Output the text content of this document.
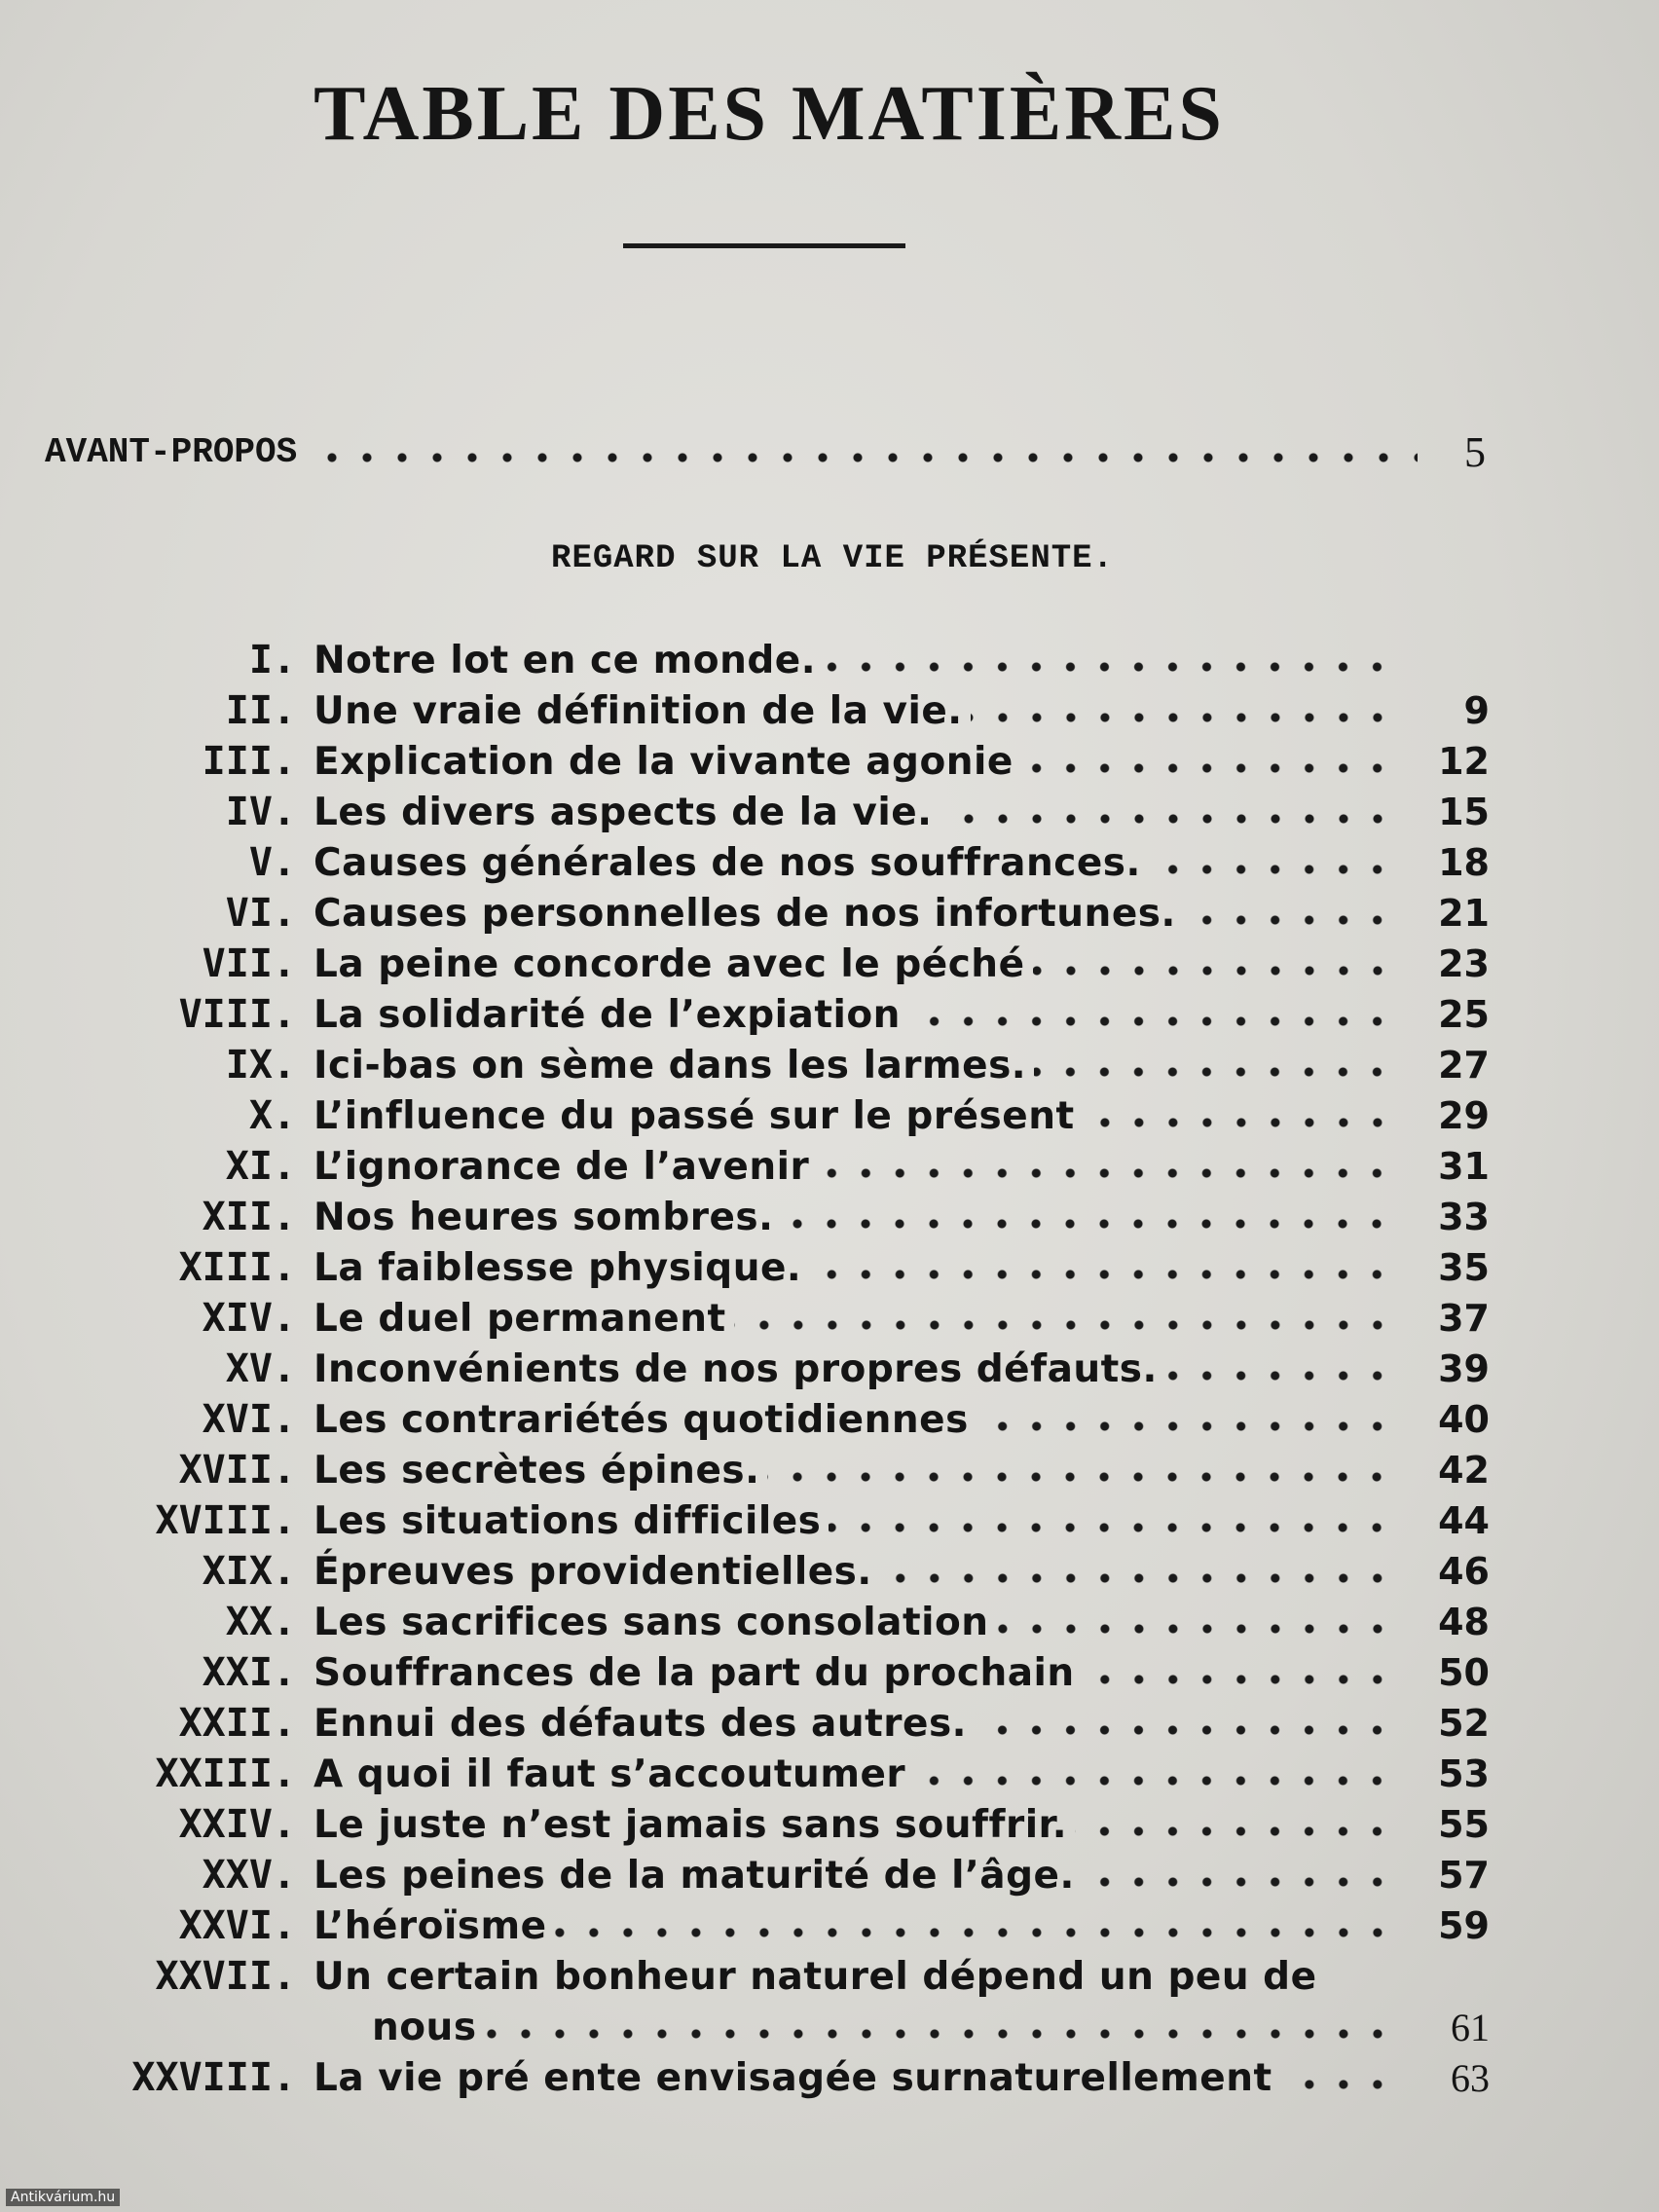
TABLE DES MATIÈRES
AVANT-PROPOS	5
REGARD SUR LA VIE PRÉSENTE.
I. Notre lot en ce monde.
II. Une vraie définition de la vie.	9
III. Explication de la vivante agonie	12
IV. Les divers aspects de la vie.	15
V. Causes générales de nos souffrances.	18
VI. Causes personnelles de nos infortunes.	21
VII. La peine concorde avec le péché	23
VIII. La solidarité de l’expiation	25
IX. Ici-bas on sème dans les larmes.	27
X. L’influence du passé sur le présent	29
XI. L’ignorance de l’avenir	31
XII. Nos heures sombres.	33
XIII. La faiblesse physique.	35
XIV. Le duel permanent	37
XV. Inconvénients de nos propres défauts.	39
XVI. Les contrariétés quotidiennes	40
XVII. Les secrètes épines.	42
XVIII. Les situations difficiles	44
XIX. Épreuves providentielles.	46
XX. Les sacrifices sans consolation	48
XXI. Souffrances de la part du prochain	50
XXII. Ennui des défauts des autres.	52
XXIII. A quoi il faut s’accoutumer	53
XXIV. Le juste n’est jamais sans souffrir.	55
XXV. Les peines de la maturité de l’âge.	57
XXVI. L’héroïsme	59
XXVII. Un certain bonheur naturel dépend un peu de
nous	61
XXVIII. La vie pré ente envisagée surnaturellement	63
Antikvárium.hu
